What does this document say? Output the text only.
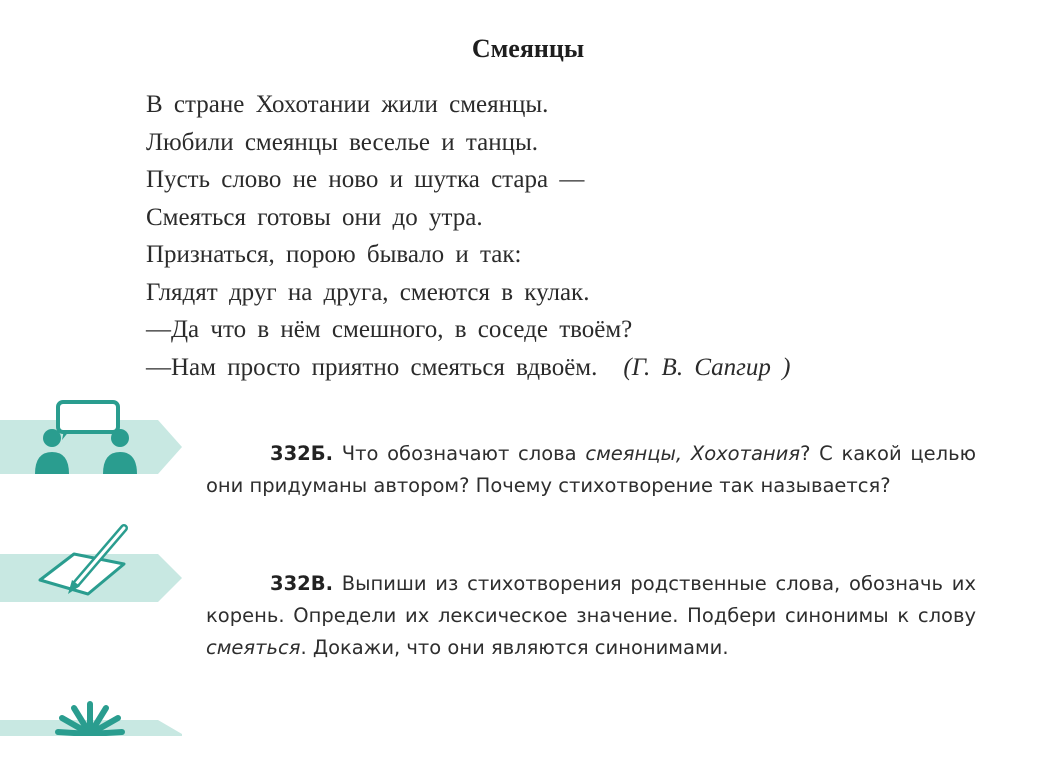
Смеянцы
В стране Хохотании жили смеянцы.
Любили смеянцы веселье и танцы.
Пусть слово не ново и шутка стара —
Смеяться готовы они до утра.
Признаться, порою бывало и так:
Глядят друг на друга, смеются в кулак.
—Да что в нём смешного, в соседе твоём?
—Нам просто приятно смеяться вдвоём. (Г. В. Сапгир )
332Б. Что обозначают слова смеянцы, Хохотания? С какой целью они придуманы автором? Почему стихотворение так называется?
332В. Выпиши из стихотворения родственные слова, обозначь их корень. Определи их лексическое значение. Подбери синонимы к слову смеяться. Докажи, что они являются синонимами.
